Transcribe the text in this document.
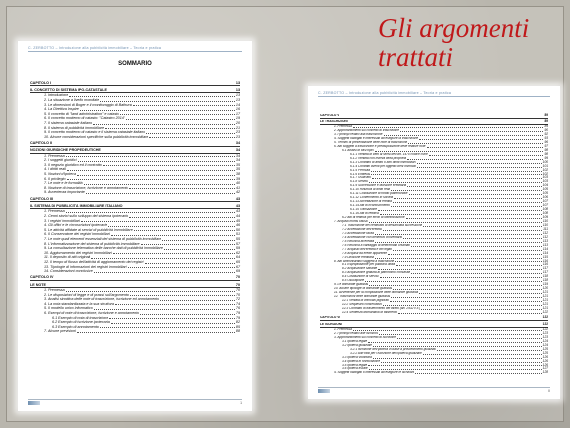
Gli argomenti
trattati
C. ZERBOTTO – Introduzione alla pubblicità immobiliare – Teoria e pratica
SOMMARIO
CAPITOLO I	13
IL CONCETTO DI SISTEMA IPO-CATASTALE	13
1. Introduzione	13
2. La situazione a livello mondiale	13
3. Le dimensioni di Boger e il monitoraggio di Bathurst	14
4. La Direttiva Inspire	16
5. Il concetto di "land administration" e catasto	17
6. Il concetto moderno di catasto: "Catastro 2014"	19
7. Il sistema catastale italiano	20
8. Il sistema di pubblicità immobiliare	21
9. Il concetto moderno di catasto e il sistema catastale italiano	23
10. Alcune considerazioni specifiche sulla pubblicità immobiliare	23
CAPITOLO II	34
NOZIONI GIURIDICHE PROPEDEUTICHE	34
1. Premessa	34
2. I soggetti giuridici	34
3. Il negozio giuridico ed il contratto	35
4. I diritti reali	35
5. Nozioni d'ipoteca	38
6. Il privilegio	39
7. Le note e le formalità	40
8. Nozione di trascrizione, iscrizione e annotamento	41
9. Avvertenza importante	42
CAPITOLO III	43
IL SISTEMA DI PUBBLICITÀ IMMOBILIARE ITALIANO	43
1. Premessa	43
2. Cenni storici sullo sviluppo del sistema ipotecario	44
3. I registri immobiliari	45
4. Gli uffici e le circoscrizioni ipotecarie	46
5. Le attività affidate ai servizi di pubblicità immobiliare	50
6. Il Conservatore dei registri immobiliari	51
7. Le note quali elementi essenziali del sistema di pubblicità immobiliare	55
8. L'informatizzazione del sistema di pubblicità immobiliare	57
9. La consultazione telematica delle banche dati di pubblicità immobiliare	59
10. Aggiornamento dei registri immobiliari	62
11. Il deposito di atti originali	64
12. Il tempo di flusso dell'attività di aggiornamento dei registri	65
13. Tipologie di informazioni dei registri immobiliari	67
14. Considerazioni conclusive	69
CAPITOLO IV	70
LE NOTE	70
1. Premessa	70
2. Le disposizioni di legge e di prassi sull'argomento	70
3. Analisi sinottica delle note di trascrizione, iscrizione ed annotamento	72
4. La nota standardizzata e la sua struttura	74
5. Il modello unico informatico	76
6. Esempi di note di trascrizione, iscrizione e annotamento	79
6.1 Esempio di nota di trascrizione	79
6.2 Esempio di iscrizione ipotecaria	82
6.3 Esempio di annotamento	85
7. Alcune previsioni	88
1
C. ZERBOTTO – Introduzione alla pubblicità immobiliare – Teoria e pratica
CAPITOLO V	89
LE TRASCRIZIONI	89
1. Premessa	89
2. Approfondimenti sul concetto di trascrizione	90
3. I principi relativi alla trascrizione	92
4. Soggetti obbligati e interessati ad eseguire la trascrizione	93
5. Termini di presentazione delle note di trascrizione	96
6. Atti soggetti a trascrizione e predisposizione delle relative note	97
6.1 Analisi di casi tipici	98
6.1.1 Vendita di beni ai sensi dell'art. 1470 codice civile	98
6.1.2 Vendita con riserva della proprietà	99
6.1.3 Contratto di affitto o altri diritti immobiliari	100
6.1.4 Contratti aventi per oggetto beni immobili	101
6.1.5 Permuta	102
6.1.6 Enfiteusi	102
6.1.7 Usufrutto	103
6.1.8 Servitù	103
6.1.9 Successione e divisione ereditaria	104
6.1.10 Rinuncia ai diritti reali	105
6.1.11 Costituzione di fondo patrimoniale	105
6.1.12 Conferimento in società	106
6.1.13 Accettazione di eredità	107
6.1.14 Atti di riconoscimento	107
6.1.15 Transazione	108
6.1.16 Atti di rettifica	108
6.2 Atti di rettifica per errori di identificazione	109
7. Acquisti mortis causa	110
7.1 Trascrizione del certificato di denunciata successione	110
7.2 Accettazione dell'eredità	111
7.3 Accettazione tacita	112
7.4 Accettazione con beneficio d'inventario	112
7.5 Rinuncia all'eredità	113
7.6 Rinuncia a vantaggio di determinati chiamati	113
7.7 Acquisto dell'eredità e dei legati	114
7.8 Acquisti da erede apparente	114
7.9 Divisione ereditaria	115
8. Atti amministrativi soggetti a trascrizione	116
8.1 Espropriazione per pubblica utilità	116
8.2 Acquisizione sanante	117
8.3 Acquisizione gratuita al patrimonio comunale	117
8.4 Costituzione di servitù	118
8.5 Usucapione	118
9. Le domande giudiziali	119
10. Alcune tipologie di domande giudiziali	120
11. Avvertenze per la compilazione delle domande giudiziali	121
12. Trascrizioni delle domande giudiziali	121
12.1 Vendita di immobili pignorati	121
12.2 Sequestro conservativo	121
12.3 Contratto di trasferimento del diritto (art. 2932 c.c.)	121
12.4 Sentenza dichiarativa di fallimento	122
CAPITOLO VI	122
LE ISCRIZIONI	122
1. Premessa	122
2. I principi relativi alle iscrizioni	123
3. Approfondimenti sul concetto di iscrizione	123
3.1 Ipoteca legale	124
3.2 Ipoteca giudiziale	124
3.2.1 Iscrizione dell'ipoteca in base a provvedimenti giudiziali	125
3.2.2 Altri titoli per l'iscrizione dell'ipoteca giudiziale	125
3.3 Ipoteca volontaria	126
3.4 Ipoteca in rinnovazione	126
3.5 Ipoteca legale	126
3.6 Ipoteca fiscale	127
4. Soggetti obbligati o interessati ad eseguire le iscrizioni	128
II
